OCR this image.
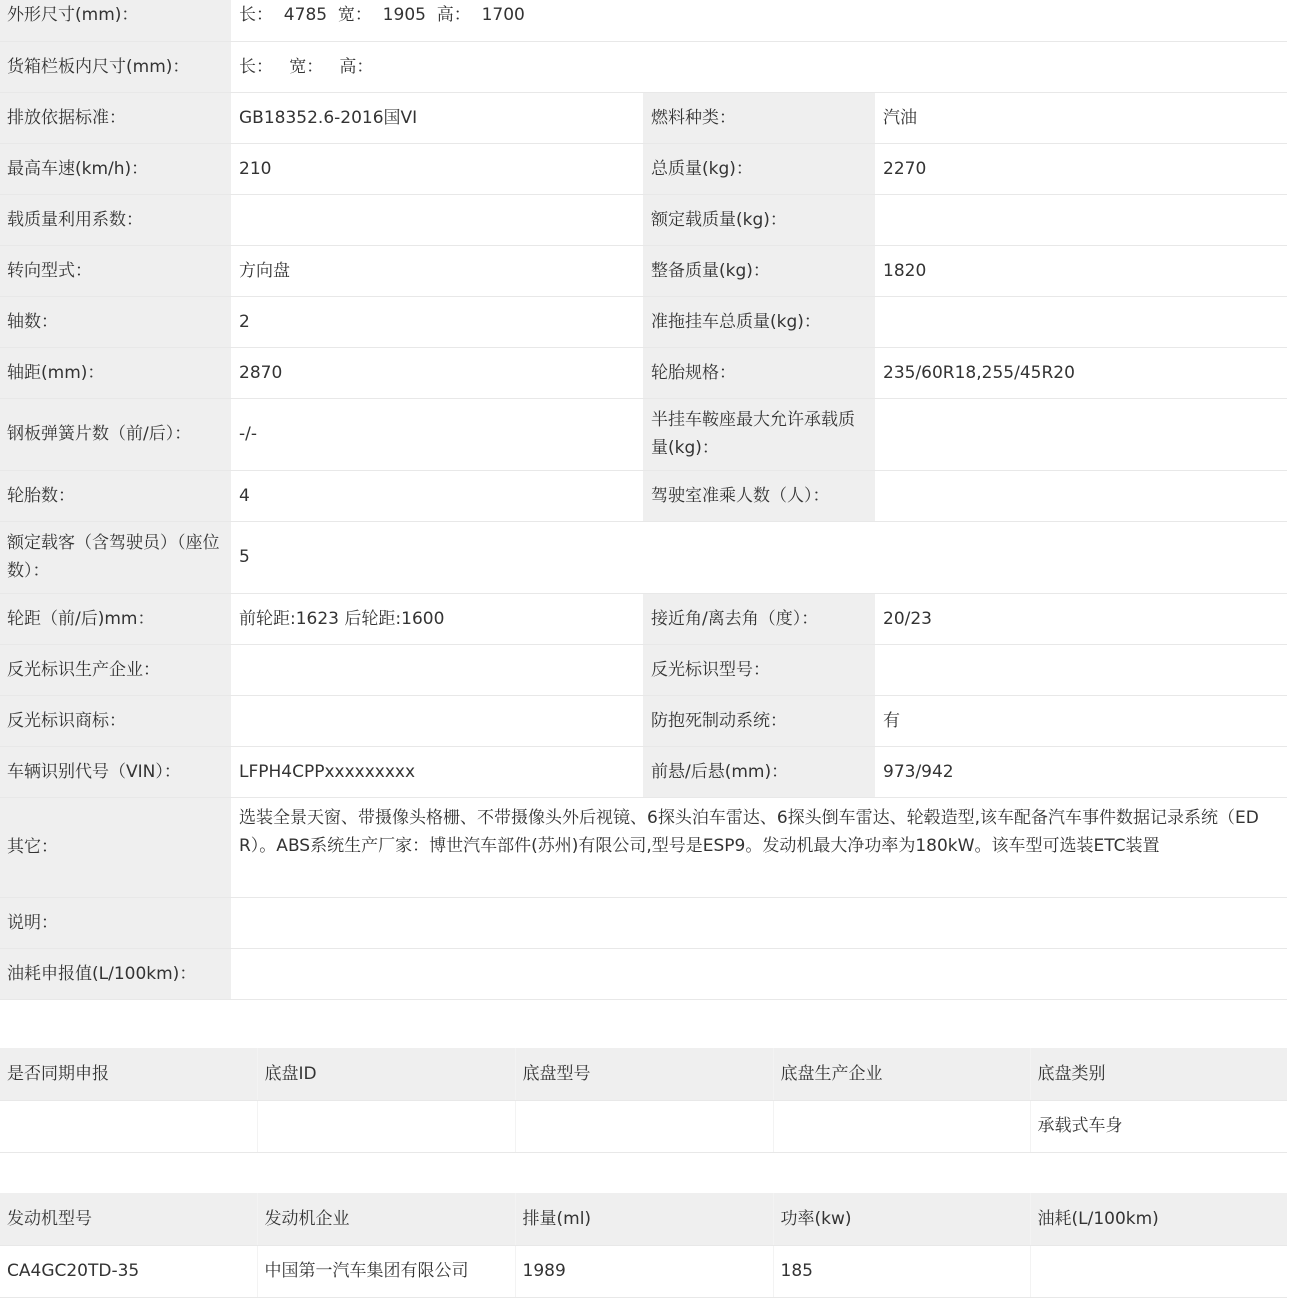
外形尺寸(mm)：	长：  4785  宽：  1905  高：  1700		
货箱栏板内尺寸(mm)：	长：   宽：   高：		
排放依据标准：	GB18352.6-2016国VI	燃料种类：	汽油
最高车速(km/h)：	210	总质量(kg)：	2270
载质量利用系数：		额定载质量(kg)：	
转向型式：	方向盘	整备质量(kg)：	1820
轴数：	2	准拖挂车总质量(kg)：	
轴距(mm)：	2870	轮胎规格：	235/60R18,255/45R20
钢板弹簧片数（前/后）：	-/-	半挂车鞍座最大允许承载质量(kg)：	
轮胎数：	4	驾驶室准乘人数（人）：	
额定载客（含驾驶员）（座位数）：	5		
轮距（前/后)mm：	前轮距:1623 后轮距:1600	接近角/离去角（度）：	20/23
反光标识生产企业：		反光标识型号：	
反光标识商标：		防抱死制动系统：	有
车辆识别代号（VIN）：	LFPH4CPPxxxxxxxxx	前悬/后悬(mm)：	973/942
其它：	选装全景天窗、带摄像头格栅、不带摄像头外后视镜、6探头泊车雷达、6探头倒车雷达、轮毂造型,该车配备汽车事件数据记录系统（EDR）。ABS系统生产厂家：博世汽车部件(苏州)有限公司,型号是ESP9。发动机最大净功率为180kW。该车型可选装ETC装置		
说明：			
油耗申报值(L/100km)：			
是否同期申报	底盘ID	底盘型号	底盘生产企业	底盘类别
				承载式车身
发动机型号	发动机企业	排量(ml)	功率(kw)	油耗(L/100km)
CA4GC20TD-35	中国第一汽车集团有限公司	1989	185	
